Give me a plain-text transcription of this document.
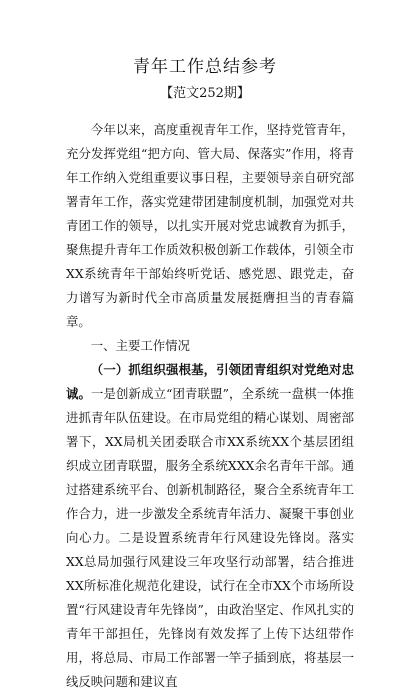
青年工作总结参考
【范文252期】

今年以来，高度重视青年工作，坚持党管青年，充分发挥党组“把方向、管大局、保落实”作用，将青年工作纳入党组重要议事日程，主要领导亲自研究部署青年工作，落实党建带团建制度机制，加强党对共青团工作的领导，以扎实开展对党忠诚教育为抓手，聚焦提升青年工作质效积极创新工作载体，引领全市XX系统青年干部始终听党话、感党恩、跟党走，奋力谱写为新时代全市高质量发展挺膺担当的青春篇章。

一、主要工作情况

（一）抓组织强根基，引领团青组织对党绝对忠诚。一是创新成立“团青联盟”，全系统一盘棋一体推进抓青年队伍建设。在市局党组的精心谋划、周密部署下，XX局机关团委联合市XX系统XX个基层团组织成立团青联盟，服务全系统XXX余名青年干部。通过搭建系统平台、创新机制路径，聚合全系统青年工作合力，进一步激发全系统青年活力、凝聚干事创业向心力。二是设置系统青年行风建设先锋岗。落实XX总局加强行风建设三年攻坚行动部署，结合推进XX所标准化规范化建设，试行在全市XX个市场所设置“行风建设青年先锋岗”，由政治坚定、作风扎实的青年干部担任，先锋岗有效发挥了上传下达纽带作用，将总局、市局工作部署一竿子插到底，将基层一线反映问题和建议直
